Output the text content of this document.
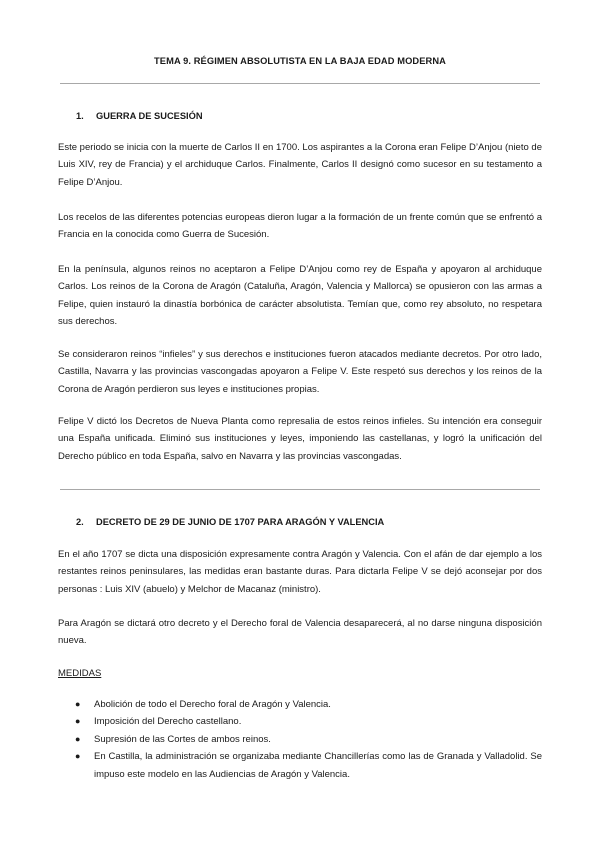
TEMA 9. RÉGIMEN ABSOLUTISTA EN LA BAJA EDAD MODERNA
1. GUERRA DE SUCESIÓN

Este periodo se inicia con la muerte de Carlos II en 1700. Los aspirantes a la Corona eran Felipe D’Anjou (nieto de Luis XIV, rey de Francia) y el archiduque Carlos. Finalmente, Carlos II designó como sucesor en su testamento a Felipe D’Anjou.

Los recelos de las diferentes potencias europeas dieron lugar a la formación de un frente común que se enfrentó a Francia en la conocida como Guerra de Sucesión.

En la península, algunos reinos no aceptaron a Felipe D’Anjou como rey de España y apoyaron al archiduque Carlos. Los reinos de la Corona de Aragón (Cataluña, Aragón, Valencia y Mallorca) se opusieron con las armas a Felipe, quien instauró la dinastía borbónica de carácter absolutista. Temían que, como rey absoluto, no respetara sus derechos.

Se consideraron reinos “infieles” y sus derechos e instituciones fueron atacados mediante decretos. Por otro lado, Castilla, Navarra y las provincias vascongadas apoyaron a Felipe V. Este respetó sus derechos y los reinos de la Corona de Aragón perdieron sus leyes e instituciones propias.

Felipe V dictó los Decretos de Nueva Planta como represalia de estos reinos infieles. Su intención era conseguir una España unificada. Eliminó sus instituciones y leyes, imponiendo las castellanas, y logró la unificación del Derecho público en toda España, salvo en Navarra y las provincias vascongadas.

2. DECRETO DE 29 DE JUNIO DE 1707 PARA ARAGÓN Y VALENCIA

En el año 1707 se dicta una disposición expresamente contra Aragón y Valencia. Con el afán de dar ejemplo a los restantes reinos peninsulares, las medidas eran bastante duras. Para dictarla Felipe V se dejó aconsejar por dos personas : Luis XIV (abuelo) y Melchor de Macanaz (ministro).

Para Aragón se dictará otro decreto y el Derecho foral de Valencia desaparecerá, al no darse ninguna disposición nueva.

MEDIDAS
● Abolición de todo el Derecho foral de Aragón y Valencia.
● Imposición del Derecho castellano.
● Supresión de las Cortes de ambos reinos.
● En Castilla, la administración se organizaba mediante Chancillerías como las de Granada y Valladolid. Se impuso este modelo en las Audiencias de Aragón y Valencia.
